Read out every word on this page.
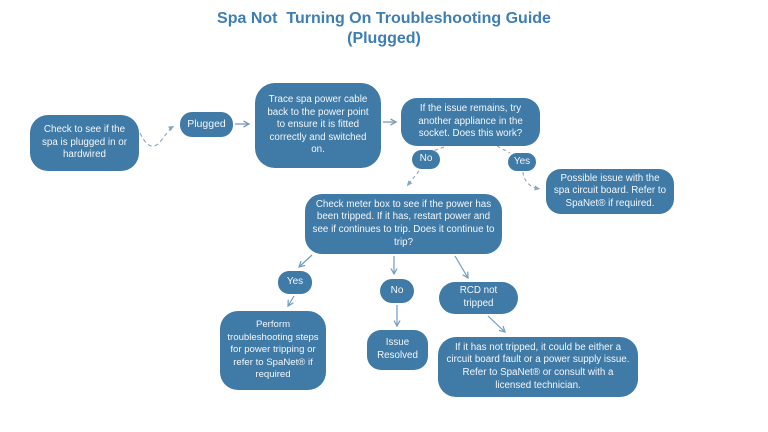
Spa Not  Turning On Troubleshooting Guide
(Plugged)
Check to see if the spa is plugged in or hardwired
Plugged
Trace spa power cable back to the power point to ensure it is fitted correctly and switched on.
If the issue remains, try another appliance in the socket. Does this work?
No	Yes
Possible issue with the spa circuit board. Refer to SpaNet® if required.
Check meter box to see if the power has been tripped. If it has, restart power and see if continues to trip. Does it continue to trip?
Yes
No	RCD not tripped
Perform troubleshooting steps for power tripping or refer to SpaNet® if required
Issue Resolved
If it has not tripped, it could be either a circuit board fault or a power supply issue. Refer to SpaNet® or consult with a licensed technician.
